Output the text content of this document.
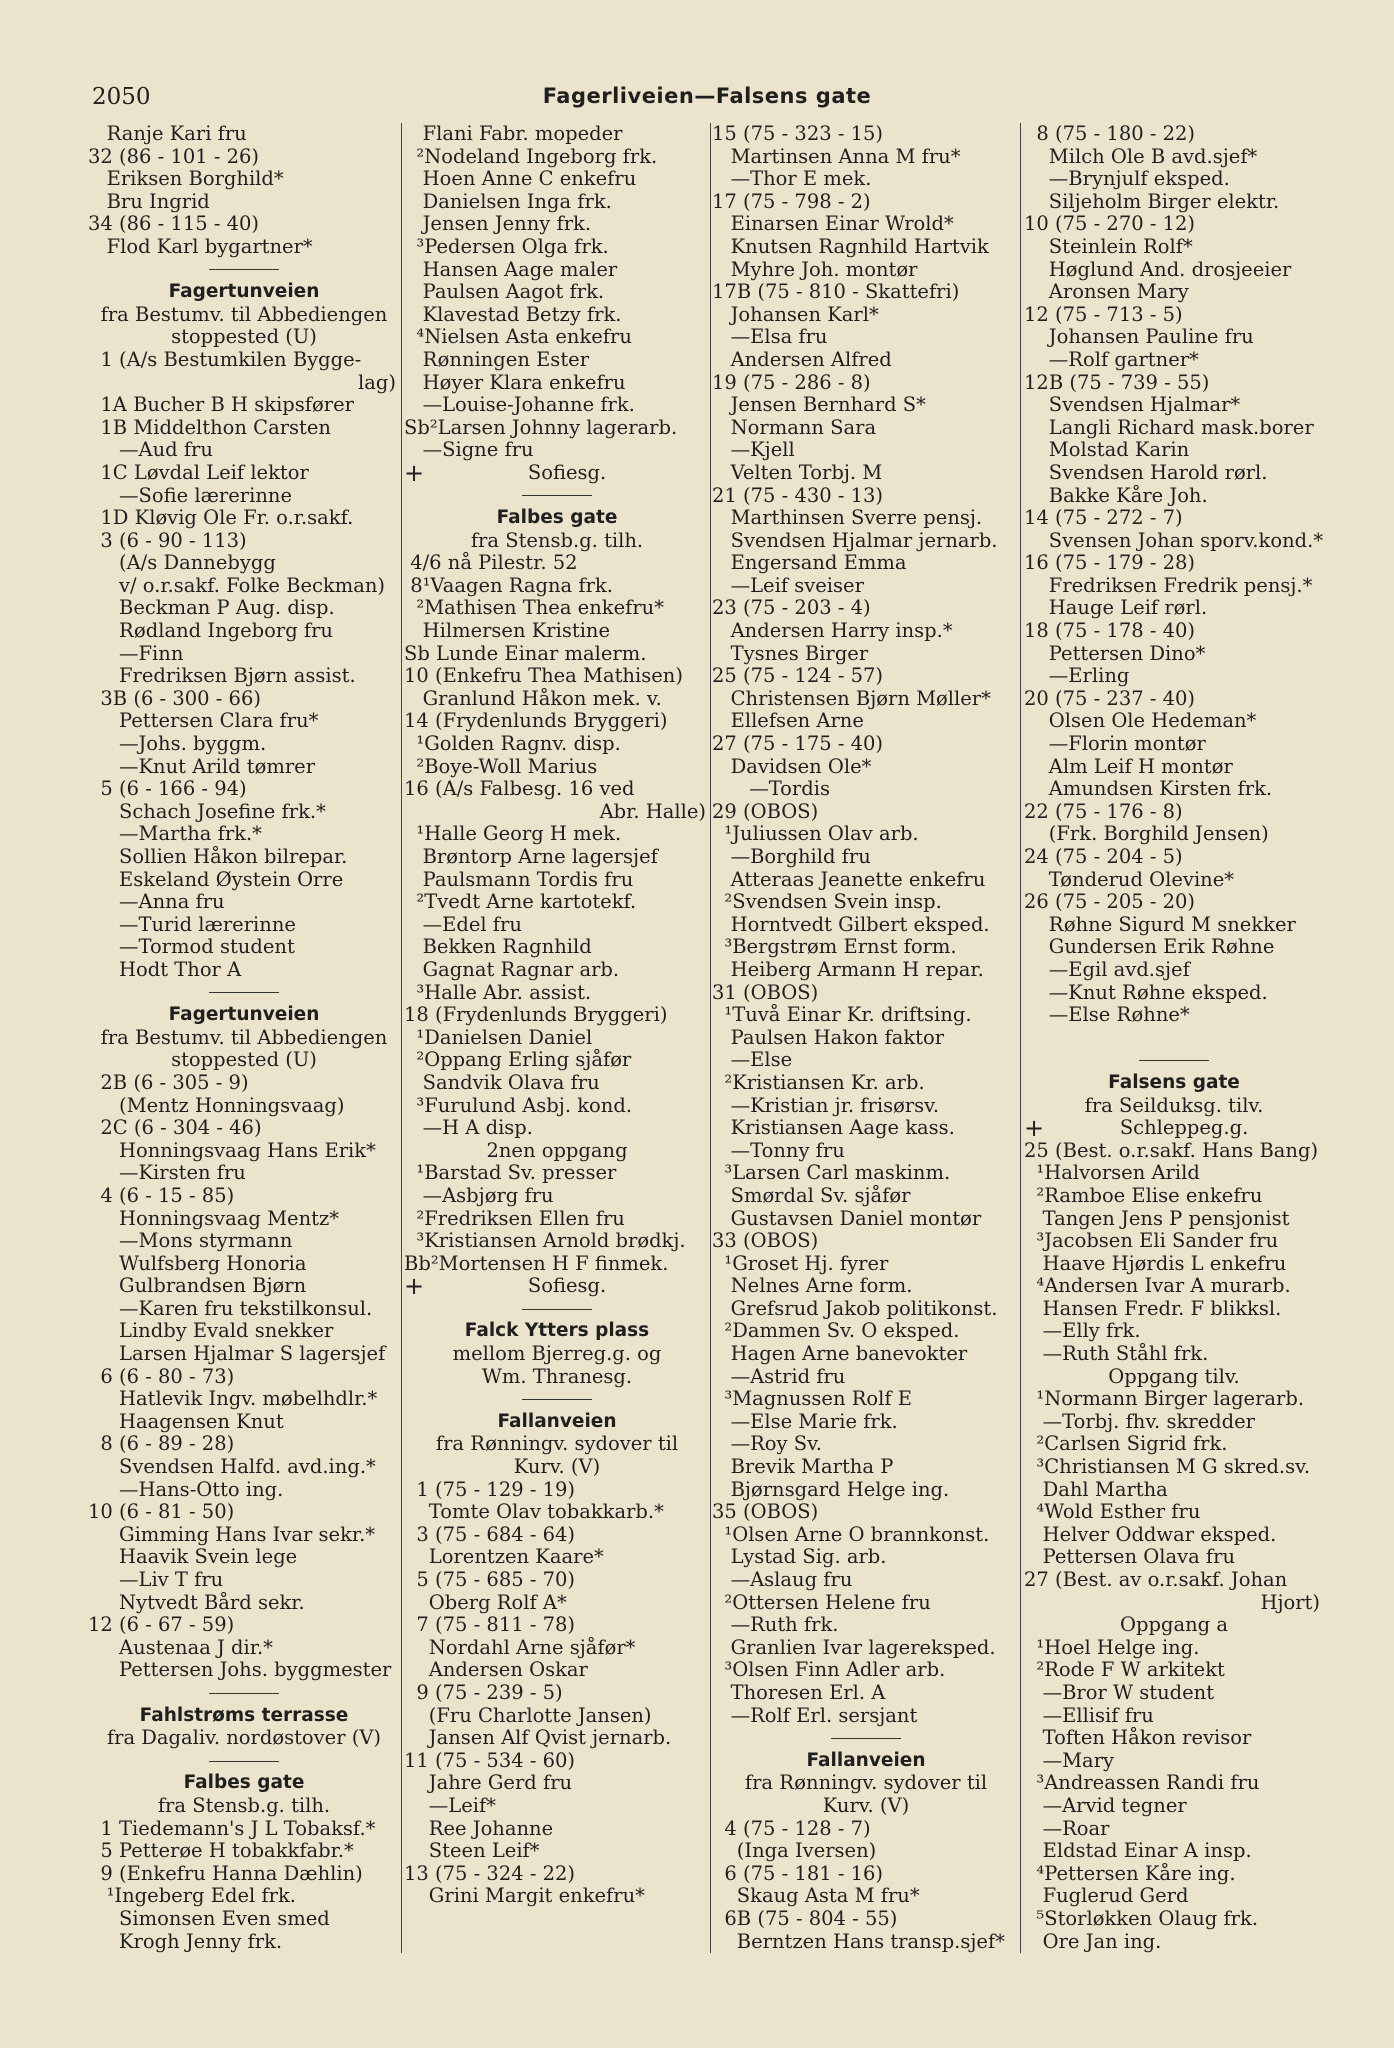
2050	Fagerliveien—Falsens gate
Ranje Kari fru
32 (86 - 101 - 26)
Eriksen Borghild*
Bru Ingrid
34 (86 - 115 - 40)
Flod Karl bygartner*
Fagertunveien
fra Bestumv. til Abbediengen
stoppested (U)
1 (A/s Bestumkilen Bygge-
lag)
1A Bucher B H skipsfører
1B Middelthon Carsten
—Aud fru
1C Løvdal Leif lektor
—Sofie lærerinne
1D Kløvig Ole Fr. o.r.sakf.
3 (6 - 90 - 113)
(A/s Dannebygg
v/ o.r.sakf. Folke Beckman)
Beckman P Aug. disp.
Rødland Ingeborg fru
—Finn
Fredriksen Bjørn assist.
3B (6 - 300 - 66)
Pettersen Clara fru*
—Johs. byggm.
—Knut Arild tømrer
5 (6 - 166 - 94)
Schach Josefine frk.*
—Martha frk.*
Sollien Håkon bilrepar.
Eskeland Øystein Orre
—Anna fru
—Turid lærerinne
—Tormod student
Hodt Thor A
Fagertunveien
fra Bestumv. til Abbediengen
stoppested (U)
2B (6 - 305 - 9)
(Mentz Honningsvaag)
2C (6 - 304 - 46)
Honningsvaag Hans Erik*
—Kirsten fru
4 (6 - 15 - 85)
Honningsvaag Mentz*
—Mons styrmann
Wulfsberg Honoria
Gulbrandsen Bjørn
—Karen fru tekstilkonsul.
Lindby Evald snekker
Larsen Hjalmar S lagersjef
6 (6 - 80 - 73)
Hatlevik Ingv. møbelhdlr.*
Haagensen Knut
8 (6 - 89 - 28)
Svendsen Halfd. avd.ing.*
—Hans-Otto ing.
10 (6 - 81 - 50)
Gimming Hans Ivar sekr.*
Haavik Svein lege
—Liv T fru
Nytvedt Bård sekr.
12 (6 - 67 - 59)
Austenaa J dir.*
Pettersen Johs. byggmester
Fahlstrøms terrasse
fra Dagaliv. nordøstover (V)
Falbes gate
fra Stensb.g. tilh.
1 Tiedemann's J L Tobaksf.*
5 Petterøe H tobakkfabr.*
9 (Enkefru Hanna Dæhlin)
¹Ingeberg Edel frk.
Simonsen Even smed
Krogh Jenny frk.
Flani Fabr. mopeder
²Nodeland Ingeborg frk.
Hoen Anne C enkefru
Danielsen Inga frk.
Jensen Jenny frk.
³Pedersen Olga frk.
Hansen Aage maler
Paulsen Aagot frk.
Klavestad Betzy frk.
⁴Nielsen Asta enkefru
Rønningen Ester
Høyer Klara enkefru
—Louise-Johanne frk.
Sb²Larsen Johnny lagerarb.
—Signe fru
+	Sofiesg.
Falbes gate
fra Stensb.g. tilh.
4/6 nå Pilestr. 52
8¹Vaagen Ragna frk.
²Mathisen Thea enkefru*
Hilmersen Kristine
Sb Lunde Einar malerm.
10 (Enkefru Thea Mathisen)
Granlund Håkon mek. v.
14 (Frydenlunds Bryggeri)
¹Golden Ragnv. disp.
²Boye-Woll Marius
16 (A/s Falbesg. 16 ved
Abr. Halle)
¹Halle Georg H mek.
Brøntorp Arne lagersjef
Paulsmann Tordis fru
²Tvedt Arne kartotekf.
—Edel fru
Bekken Ragnhild
Gagnat Ragnar arb.
³Halle Abr. assist.
18 (Frydenlunds Bryggeri)
¹Danielsen Daniel
²Oppang Erling sjåfør
Sandvik Olava fru
³Furulund Asbj. kond.
—H A disp.
2nen oppgang
¹Barstad Sv. presser
—Asbjørg fru
²Fredriksen Ellen fru
³Kristiansen Arnold brødkj.
Bb²Mortensen H F finmek.
+	Sofiesg.
Falck Ytters plass
mellom Bjerreg.g. og
Wm. Thranesg.
Fallanveien
fra Rønningv. sydover til
Kurv. (V)
1 (75 - 129 - 19)
Tomte Olav tobakkarb.*
3 (75 - 684 - 64)
Lorentzen Kaare*
5 (75 - 685 - 70)
Oberg Rolf A*
7 (75 - 811 - 78)
Nordahl Arne sjåfør*
Andersen Oskar
9 (75 - 239 - 5)
(Fru Charlotte Jansen)
Jansen Alf Qvist jernarb.
11 (75 - 534 - 60)
Jahre Gerd fru
—Leif*
Ree Johanne
Steen Leif*
13 (75 - 324 - 22)
Grini Margit enkefru*
15 (75 - 323 - 15)
Martinsen Anna M fru*
—Thor E mek.
17 (75 - 798 - 2)
Einarsen Einar Wrold*
Knutsen Ragnhild Hartvik
Myhre Joh. montør
17B (75 - 810 - Skattefri)
Johansen Karl*
—Elsa fru
Andersen Alfred
19 (75 - 286 - 8)
Jensen Bernhard S*
Normann Sara
—Kjell
Velten Torbj. M
21 (75 - 430 - 13)
Marthinsen Sverre pensj.
Svendsen Hjalmar jernarb.
Engersand Emma
—Leif sveiser
23 (75 - 203 - 4)
Andersen Harry insp.*
Tysnes Birger
25 (75 - 124 - 57)
Christensen Bjørn Møller*
Ellefsen Arne
27 (75 - 175 - 40)
Davidsen Ole*
—Tordis
29 (OBOS)
¹Juliussen Olav arb.
—Borghild fru
Atteraas Jeanette enkefru
²Svendsen Svein insp.
Horntvedt Gilbert eksped.
³Bergstrøm Ernst form.
Heiberg Armann H repar.
31 (OBOS)
¹Tuvå Einar Kr. driftsing.
Paulsen Hakon faktor
—Else
²Kristiansen Kr. arb.
—Kristian jr. frisørsv.
Kristiansen Aage kass.
—Tonny fru
³Larsen Carl maskinm.
Smørdal Sv. sjåfør
Gustavsen Daniel montør
33 (OBOS)
¹Groset Hj. fyrer
Nelnes Arne form.
Grefsrud Jakob politikonst.
²Dammen Sv. O eksped.
Hagen Arne banevokter
—Astrid fru
³Magnussen Rolf E
—Else Marie frk.
—Roy Sv.
Brevik Martha P
Bjørnsgard Helge ing.
35 (OBOS)
¹Olsen Arne O brannkonst.
Lystad Sig. arb.
—Aslaug fru
²Ottersen Helene fru
—Ruth frk.
Granlien Ivar lagereksped.
³Olsen Finn Adler arb.
Thoresen Erl. A
—Rolf Erl. sersjant
Fallanveien
fra Rønningv. sydover til
Kurv. (V)
4 (75 - 128 - 7)
(Inga Iversen)
6 (75 - 181 - 16)
Skaug Asta M fru*
6B (75 - 804 - 55)
Berntzen Hans transp.sjef*
8 (75 - 180 - 22)
Milch Ole B avd.sjef*
—Brynjulf eksped.
Siljeholm Birger elektr.
10 (75 - 270 - 12)
Steinlein Rolf*
Høglund And. drosjeeier
Aronsen Mary
12 (75 - 713 - 5)
Johansen Pauline fru
—Rolf gartner*
12B (75 - 739 - 55)
Svendsen Hjalmar*
Langli Richard mask.borer
Molstad Karin
Svendsen Harold rørl.
Bakke Kåre Joh.
14 (75 - 272 - 7)
Svensen Johan sporv.kond.*
16 (75 - 179 - 28)
Fredriksen Fredrik pensj.*
Hauge Leif rørl.
18 (75 - 178 - 40)
Pettersen Dino*
—Erling
20 (75 - 237 - 40)
Olsen Ole Hedeman*
—Florin montør
Alm Leif H montør
Amundsen Kirsten frk.
22 (75 - 176 - 8)
(Frk. Borghild Jensen)
24 (75 - 204 - 5)
Tønderud Olevine*
26 (75 - 205 - 20)
Røhne Sigurd M snekker
Gundersen Erik Røhne
—Egil avd.sjef
—Knut Røhne eksped.
—Else Røhne*
Falsens gate
fra Seilduksg. tilv.
+	Schleppeg.g.
25 (Best. o.r.sakf. Hans Bang)
¹Halvorsen Arild
²Ramboe Elise enkefru
Tangen Jens P pensjonist
³Jacobsen Eli Sander fru
Haave Hjørdis L enkefru
⁴Andersen Ivar A murarb.
Hansen Fredr. F blikksl.
—Elly frk.
—Ruth Ståhl frk.
Oppgang tilv.
¹Normann Birger lagerarb.
—Torbj. fhv. skredder
²Carlsen Sigrid frk.
³Christiansen M G skred.sv.
Dahl Martha
⁴Wold Esther fru
Helver Oddwar eksped.
Pettersen Olava fru
27 (Best. av o.r.sakf. Johan
Hjort)
Oppgang a
¹Hoel Helge ing.
²Rode F W arkitekt
—Bror W student
—Ellisif fru
Toften Håkon revisor
—Mary
³Andreassen Randi fru
—Arvid tegner
—Roar
Eldstad Einar A insp.
⁴Pettersen Kåre ing.
Fuglerud Gerd
⁵Storløkken Olaug frk.
Ore Jan ing.
